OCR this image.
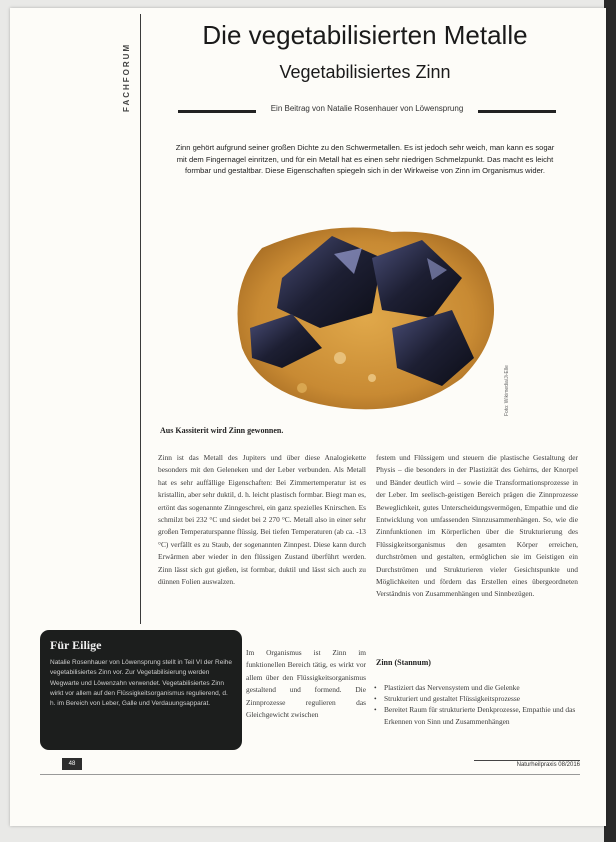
FACHFORUM
Die vegetabilisierten Metalle
Vegetabilisiertes Zinn
Ein Beitrag von Natalie Rosenhauer von Löwensprung
Zinn gehört aufgrund seiner großen Dichte zu den Schwermetallen. Es ist jedoch sehr weich, man kann es sogar mit dem Fingernagel einritzen, und für ein Metall hat es einen sehr niedrigen Schmelzpunkt. Das macht es leicht formbar und gestaltbar. Diese Eigenschaften spiegeln sich in der Wirkweise von Zinn im Organismus wider.
Foto: Wikimedia/Ji-Elle
Aus Kassiterit wird Zinn gewonnen.
Zinn ist das Metall des Jupiters und über diese Analogiekette besonders mit den Geleneken und der Leber verbunden. Als Metall hat es sehr auffällige Eigenschaften: Bei Zimmertemperatur ist es kristallin, aber sehr duktil, d. h. leicht plastisch formbar. Biegt man es, ertönt das sogenannte Zinngeschrei, ein ganz spezielles Knirschen. Es schmilzt bei 232 °C und siedet bei 2 270 °C. Metall also in einer sehr großen Temperaturspanne flüssig. Bei tiefen Temperaturen (ab ca. -13 °C) verfällt es zu Staub, der sogenannten Zinnpest. Diese kann durch Erwärmen aber wieder in den flüssigen Zustand überführt werden. Zinn lässt sich gut gießen, ist formbar, duktil und lässt sich auch zu dünnen Folien auswalzen.
Im Organismus ist Zinn im funktionellen Bereich tätig, es wirkt vor allem über den Flüssigkeitsorganismus gestaltend und formend. Die Zinnprozesse regulieren das Gleichgewicht zwischen
festem und Flüssigem und steuern die plastische Gestaltung der Physis – die besonders in der Plastizität des Gehirns, der Knorpel und Bänder deutlich wird – sowie die Transformationsprozesse in der Leber. Im seelisch-geistigen Bereich prägen die Zinnprozesse Beweglichkeit, gutes Unterscheidungsvermögen, Empathie und die Entwicklung von umfassenden Sinnzusammenhängen. So, wie die Zinnfunktionen im Körperlichen über die Strukturierung des Flüssigkeitsorganismus den gesamten Körper erreichen, durchströmen und gestalten, ermöglichen sie im Geistigen ein Durchströmen und Strukturieren vieler Gesichtspunkte und Möglichkeiten und fördern das Erstellen eines übergeordneten Verständnis von Zusammenhängen und Sinnbezügen.
Für Eilige

Natalie Rosenhauer von Löwensprung stellt in Teil VI der Reihe vegetabilisiertes Zinn vor. Zur Vegetabilisierung werden Wegwarte und Löwenzahn verwendet. Vegetabilisiertes Zinn wirkt vor allem auf den Flüssigkeitsorganismus regulierend, d. h. im Bereich von Leber, Galle und Verdauungsapparat.

Zinn (Stannum)
• Plastiziert das Nervensystem und die Gelenke
• Strukturiert und gestaltet Flüssigkeitsprozesse
• Bereitet Raum für strukturierte Denkprozesse, Empathie und das Erkennen von Sinn und Zusammenhängen
48	Naturheilpraxis 08/2016
